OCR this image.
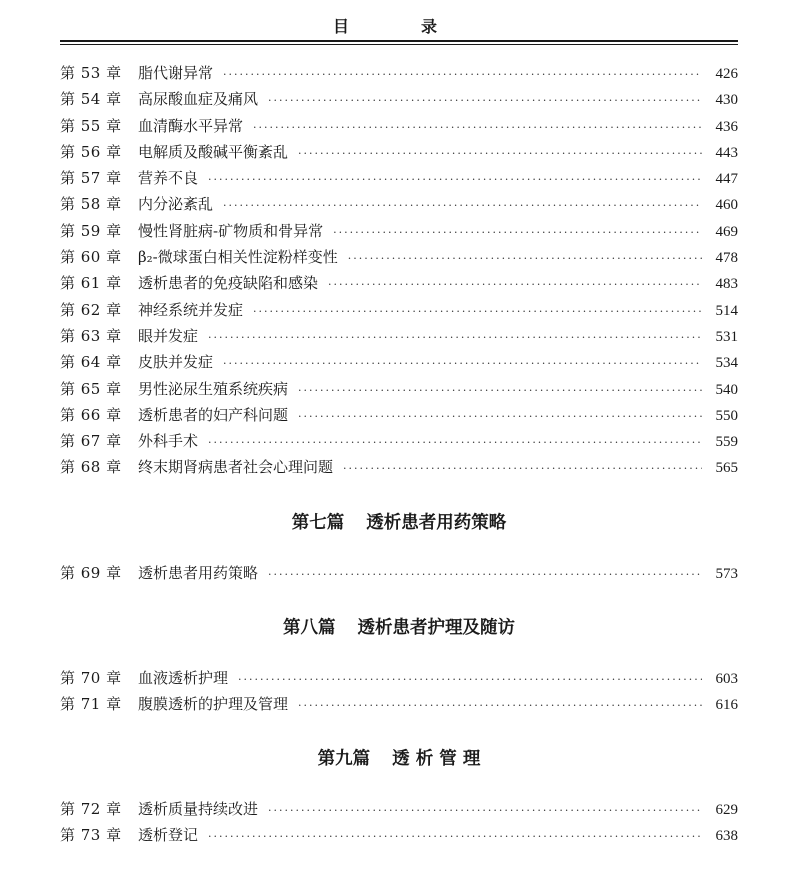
目　录
第 53 章	脂代谢异常 ·····	426
第 54 章	高尿酸血症及痛风 ·····	430
第 55 章	血清酶水平异常 ·····	436
第 56 章	电解质及酸碱平衡紊乱 ·····	443
第 57 章	营养不良 ·····	447
第 58 章	内分泌紊乱 ·····	460
第 59 章	慢性肾脏病-矿物质和骨异常 ·····	469
第 60 章	β₂-微球蛋白相关性淀粉样变性 ·····	478
第 61 章	透析患者的免疫缺陷和感染 ·····	483
第 62 章	神经系统并发症 ·····	514
第 63 章	眼并发症 ·····	531
第 64 章	皮肤并发症 ·····	534
第 65 章	男性泌尿生殖系统疾病 ·····	540
第 66 章	透析患者的妇产科问题 ·····	550
第 67 章	外科手术 ·····	559
第 68 章	终末期肾病患者社会心理问题 ·····	565
第七篇 透析患者用药策略
第 69 章	透析患者用药策略 ·····	573
第八篇 透析患者护理及随访
第 70 章	血液透析护理 ·····	603
第 71 章	腹膜透析的护理及管理 ·····	616
第九篇 透 析 管 理
第 72 章	透析质量持续改进 ·····	629
第 73 章	透析登记 ·····	638
